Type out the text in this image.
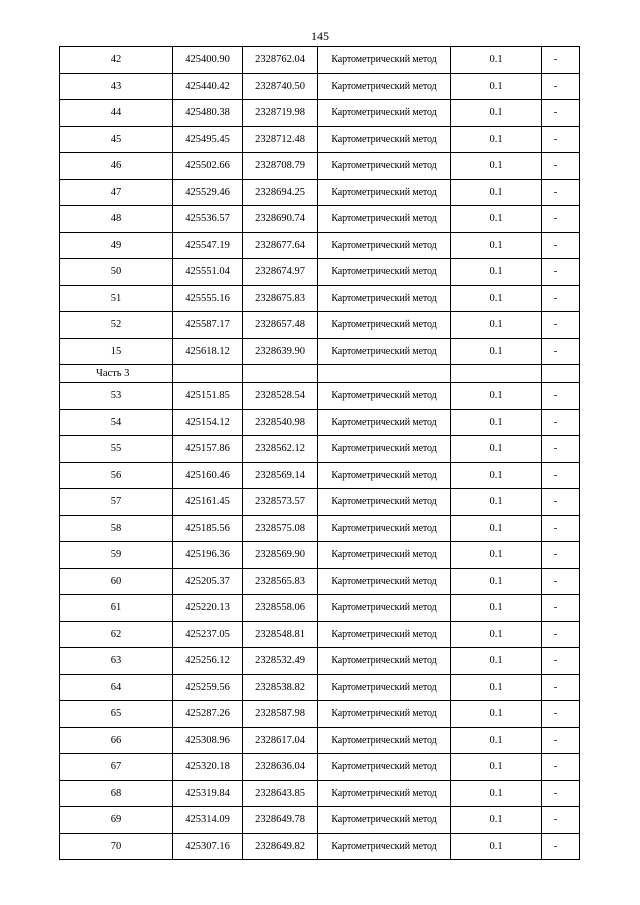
145
42	425400.90	2328762.04	Картометрический метод	0.1	-
43	425440.42	2328740.50	Картометрический метод	0.1	-
44	425480.38	2328719.98	Картометрический метод	0.1	-
45	425495.45	2328712.48	Картометрический метод	0.1	-
46	425502.66	2328708.79	Картометрический метод	0.1	-
47	425529.46	2328694.25	Картометрический метод	0.1	-
48	425536.57	2328690.74	Картометрический метод	0.1	-
49	425547.19	2328677.64	Картометрический метод	0.1	-
50	425551.04	2328674.97	Картометрический метод	0.1	-
51	425555.16	2328675.83	Картометрический метод	0.1	-
52	425587.17	2328657.48	Картометрический метод	0.1	-
15	425618.12	2328639.90	Картометрический метод	0.1	-
Часть 3					
53	425151.85	2328528.54	Картометрический метод	0.1	-
54	425154.12	2328540.98	Картометрический метод	0.1	-
55	425157.86	2328562.12	Картометрический метод	0.1	-
56	425160.46	2328569.14	Картометрический метод	0.1	-
57	425161.45	2328573.57	Картометрический метод	0.1	-
58	425185.56	2328575.08	Картометрический метод	0.1	-
59	425196.36	2328569.90	Картометрический метод	0.1	-
60	425205.37	2328565.83	Картометрический метод	0.1	-
61	425220.13	2328558.06	Картометрический метод	0.1	-
62	425237.05	2328548.81	Картометрический метод	0.1	-
63	425256.12	2328532.49	Картометрический метод	0.1	-
64	425259.56	2328538.82	Картометрический метод	0.1	-
65	425287.26	2328587.98	Картометрический метод	0.1	-
66	425308.96	2328617.04	Картометрический метод	0.1	-
67	425320.18	2328636.04	Картометрический метод	0.1	-
68	425319.84	2328643.85	Картометрический метод	0.1	-
69	425314.09	2328649.78	Картометрический метод	0.1	-
70	425307.16	2328649.82	Картометрический метод	0.1	-
